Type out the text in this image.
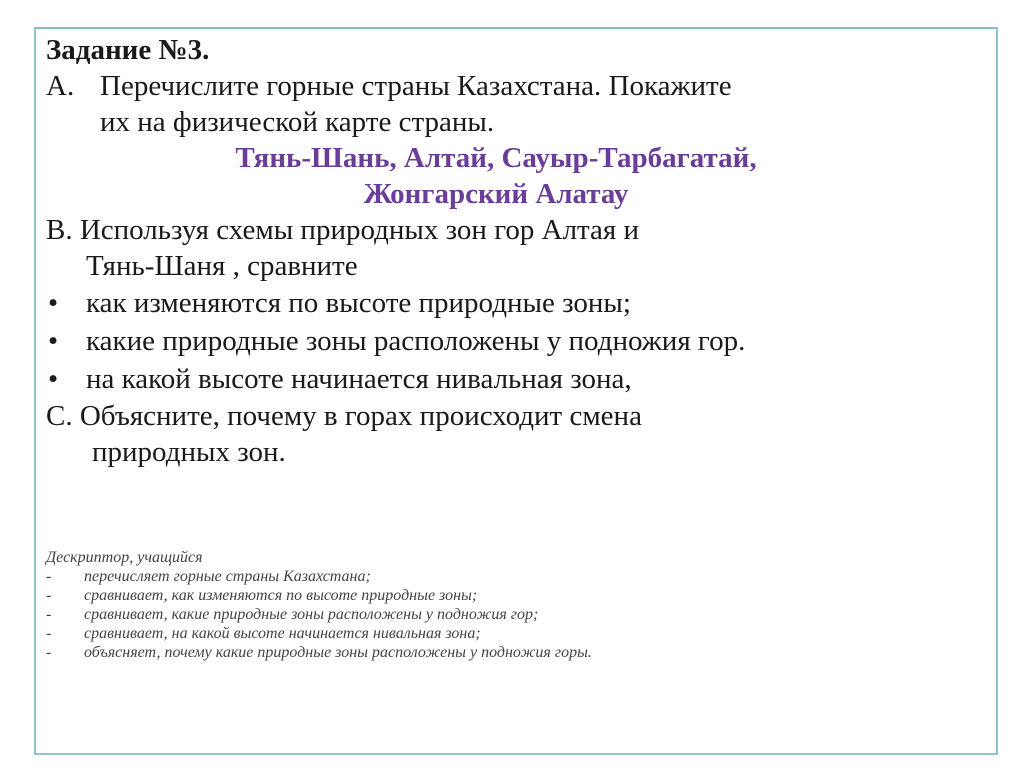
Задание №3.

А. Перечислите горные страны Казахстана. Покажите

их на физической карте страны.

Тянь-Шань, Алтай, Сауыр-Тарбагатай,

Жонгарский Алатау

В. Используя схемы природных зон гор Алтая и

Тянь-Шаня , сравните

• как изменяются по высоте природные зоны;
• какие природные зоны расположены у подножия гор.
• на какой высоте начинается нивальная зона,

С. Объясните, почему в горах происходит смена

природных зон.

Дескриптор, учащийся

-	перечисляет горные страны Казахстана;
-	сравнивает, как изменяются по высоте природные зоны;
-	сравнивает, какие природные зоны расположены у подножия гор;
-	сравнивает, на какой высоте начинается нивальная зона;
-	объясняет, почему какие природные зоны расположены у подножия горы.
